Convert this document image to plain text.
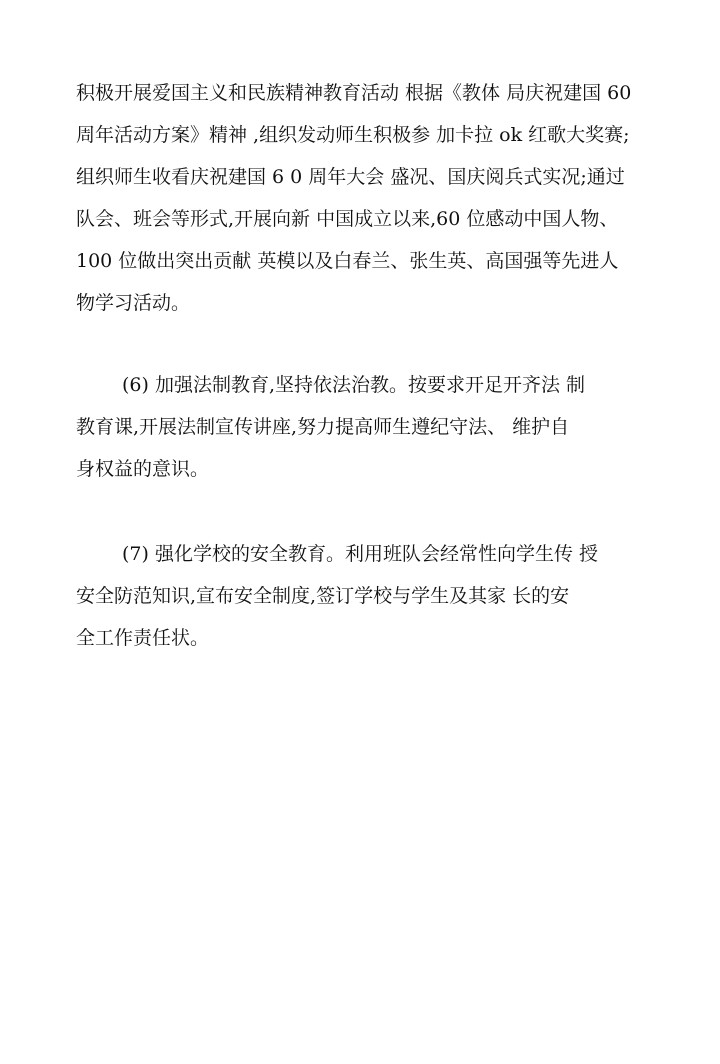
积极开展爱国主义和民族精神教育活动 根据《教体 局庆祝建国 60
周年活动方案》精神 ,组织发动师生积极参 加卡拉 ok 红歌大奖赛;
组织师生收看庆祝建国 6 0 周年大会 盛况、国庆阅兵式实况;通过
队会、班会等形式,开展向新 中国成立以来,60 位感动中国人物、
100 位做出突出贡献 英模以及白春兰、张生英、高国强等先进人
物学习活动。
(6) 加强法制教育,坚持依法治教。按要求开足开齐法 制
教育课,开展法制宣传讲座,努力提高师生遵纪守法、 维护自
身权益的意识。
(7) 强化学校的安全教育。利用班队会经常性向学生传 授
安全防范知识,宣布安全制度,签订学校与学生及其家 长的安
全工作责任状。
